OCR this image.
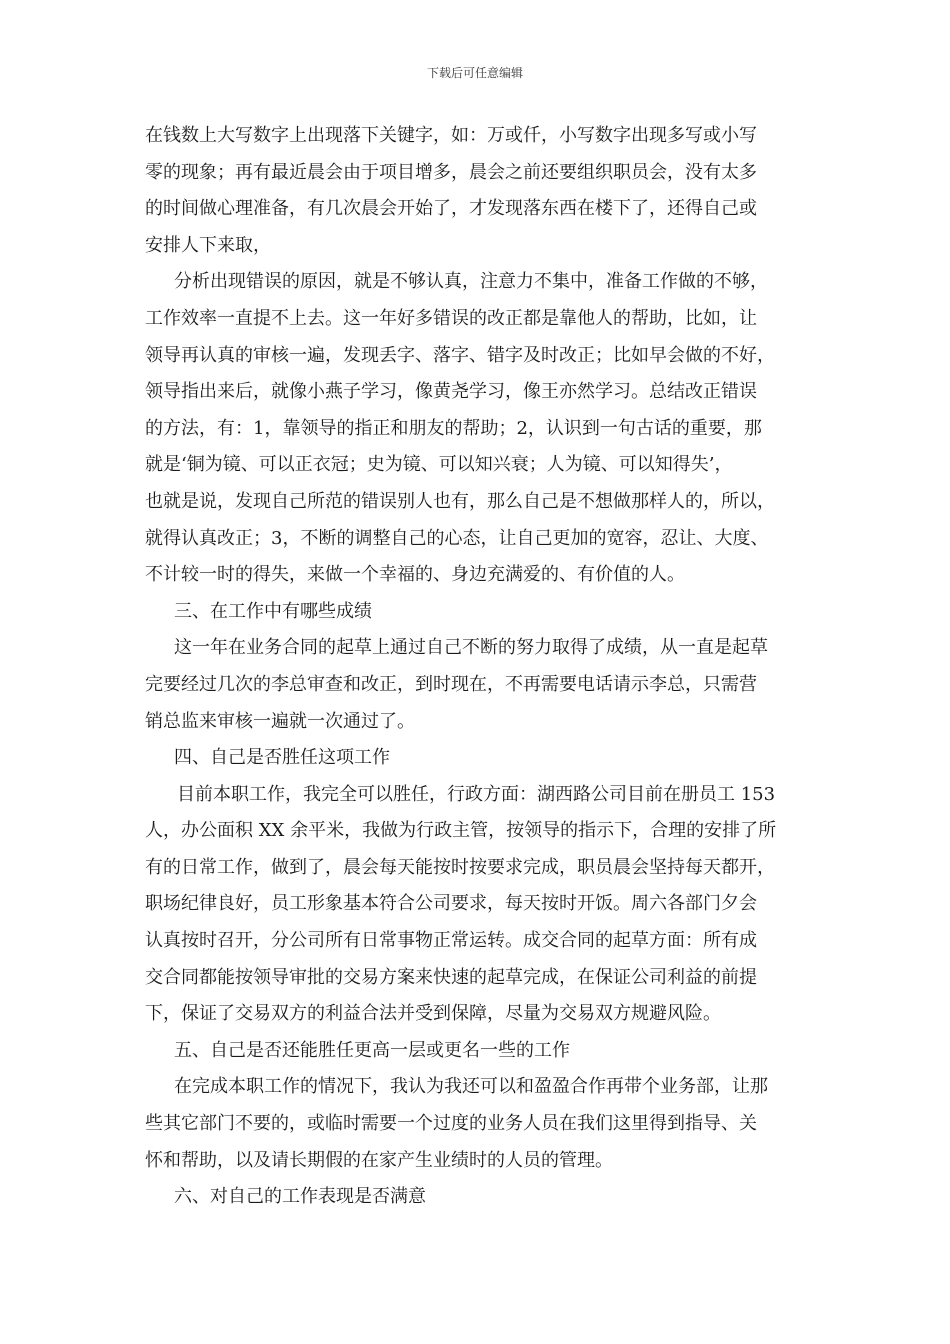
下载后可任意编辑
在钱数上大写数字上出现落下关键字，如：万或仟，小写数字出现多写或小写
零的现象；再有最近晨会由于项目增多，晨会之前还要组织职员会，没有太多
的时间做心理准备，有几次晨会开始了，才发现落东西在楼下了，还得自己或
安排人下来取，
分析出现错误的原因，就是不够认真，注意力不集中，准备工作做的不够，
工作效率一直提不上去。这一年好多错误的改正都是靠他人的帮助，比如，让
领导再认真的审核一遍，发现丢字、落字、错字及时改正；比如早会做的不好，
领导指出来后，就像小燕子学习，像黄尧学习，像王亦然学习。总结改正错误
的方法，有：1，靠领导的指正和朋友的帮助；2，认识到一句古话的重要，那
就是‘铜为镜、可以正衣冠；史为镜、可以知兴衰；人为镜、可以知得失’，
也就是说，发现自己所范的错误别人也有，那么自己是不想做那样人的，所以，
就得认真改正；3，不断的调整自己的心态，让自己更加的宽容，忍让、大度、
不计较一时的得失，来做一个幸福的、身边充满爱的、有价值的人。
三、在工作中有哪些成绩
这一年在业务合同的起草上通过自己不断的努力取得了成绩，从一直是起草
完要经过几次的李总审查和改正，到时现在，不再需要电话请示李总，只需营
销总监来审核一遍就一次通过了。
四、自己是否胜任这项工作
目前本职工作，我完全可以胜任，行政方面：湖西路公司目前在册员工 153
人，办公面积 XX 余平米，我做为行政主管，按领导的指示下，合理的安排了所
有的日常工作，做到了，晨会每天能按时按要求完成，职员晨会坚持每天都开，
职场纪律良好，员工形象基本符合公司要求，每天按时开饭。周六各部门夕会
认真按时召开，分公司所有日常事物正常运转。成交合同的起草方面：所有成
交合同都能按领导审批的交易方案来快速的起草完成，在保证公司利益的前提
下，保证了交易双方的利益合法并受到保障，尽量为交易双方规避风险。
五、自己是否还能胜任更高一层或更名一些的工作
在完成本职工作的情况下，我认为我还可以和盈盈合作再带个业务部，让那
些其它部门不要的，或临时需要一个过度的业务人员在我们这里得到指导、关
怀和帮助，以及请长期假的在家产生业绩时的人员的管理。
六、对自己的工作表现是否满意
